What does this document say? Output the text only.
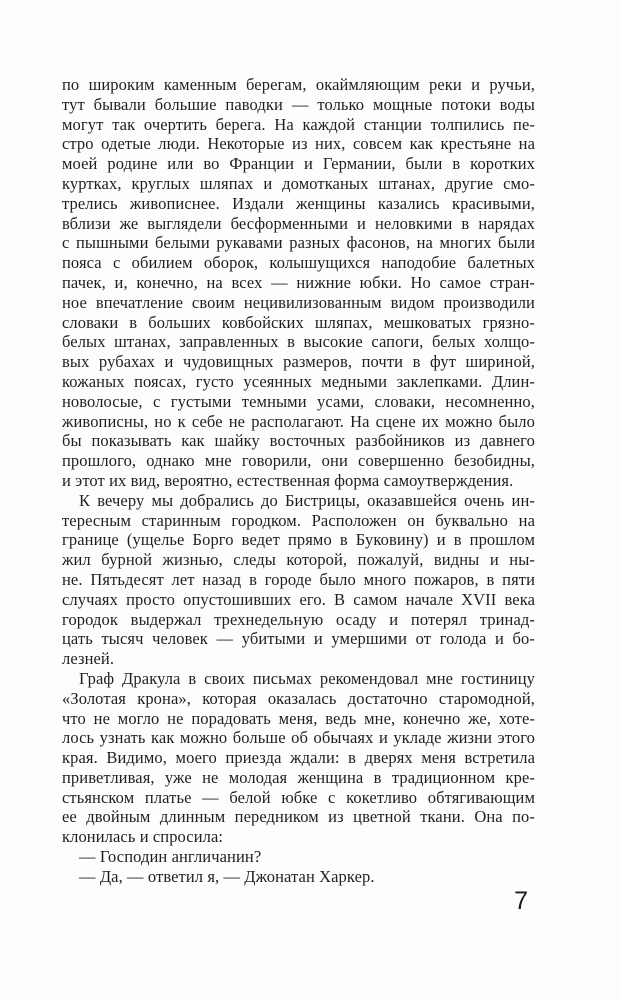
по широким каменным берегам, окаймляющим реки и ручьи,
тут бывали большие паводки — только мощные потоки воды
могут так очертить берега. На каждой станции толпились пе-
стро одетые люди. Некоторые из них, совсем как крестьяне на
моей родине или во Франции и Германии, были в коротких
куртках, круглых шляпах и домотканых штанах, другие смо-
трелись живописнее. Издали женщины казались красивыми,
вблизи же выглядели бесформенными и неловкими в нарядах
с пышными белыми рукавами разных фасонов, на многих были
пояса с обилием оборок, колышущихся наподобие балетных
пачек, и, конечно, на всех — нижние юбки. Но самое стран-
ное впечатление своим нецивилизованным видом производили
словаки в больших ковбойских шляпах, мешковатых грязно-
белых штанах, заправленных в высокие сапоги, белых холщо-
вых рубахах и чудовищных размеров, почти в фут шириной,
кожаных поясах, густо усеянных медными заклепками. Длин-
новолосые, с густыми темными усами, словаки, несомненно,
живописны, но к себе не располагают. На сцене их можно было
бы показывать как шайку восточных разбойников из давнего
прошлого, однако мне говорили, они совершенно безобидны,
и этот их вид, вероятно, естественная форма самоутверждения.
К вечеру мы добрались до Бистрицы, оказавшейся очень ин-
тересным старинным городком. Расположен он буквально на
границе (ущелье Борго ведет прямо в Буковину) и в прошлом
жил бурной жизнью, следы которой, пожалуй, видны и ны-
не. Пятьдесят лет назад в городе было много пожаров, в пяти
случаях просто опустошивших его. В самом начале XVII века
городок выдержал трехнедельную осаду и потерял тринад-
цать тысяч человек — убитыми и умершими от голода и бо-
лезней.
Граф Дракула в своих письмах рекомендовал мне гостиницу
«Золотая крона», которая оказалась достаточно старомодной,
что не могло не порадовать меня, ведь мне, конечно же, хоте-
лось узнать как можно больше об обычаях и укладе жизни этого
края. Видимо, моего приезда ждали: в дверях меня встретила
приветливая, уже не молодая женщина в традиционном кре-
стьянском платье — белой юбке с кокетливо обтягивающим
ее двойным длинным передником из цветной ткани. Она по-
клонилась и спросила:
— Господин англичанин?
— Да, — ответил я, — Джонатан Харкер.
7
